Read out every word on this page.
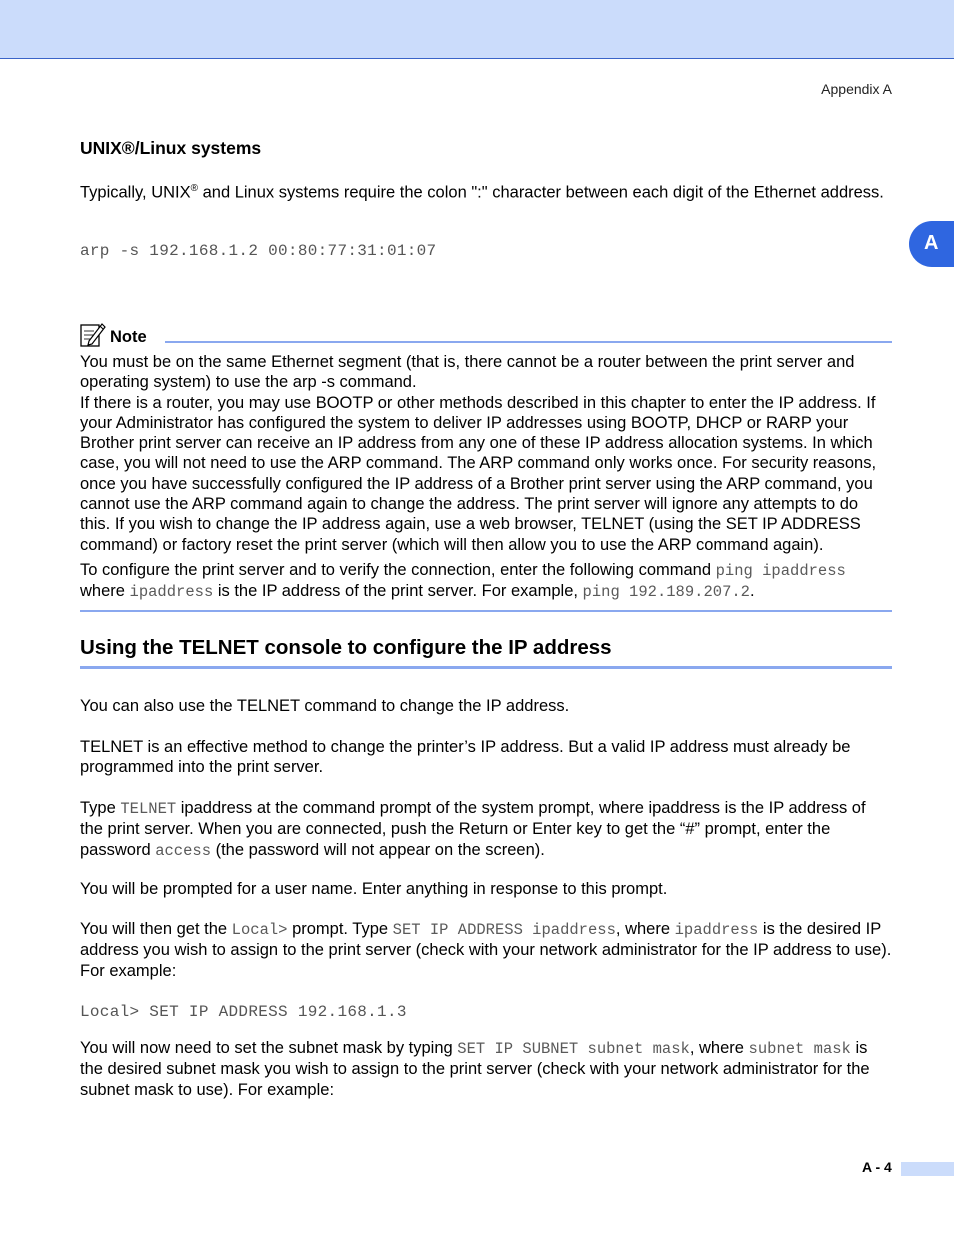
Appendix A
A
UNIX®/Linux systems

Typically, UNIX® and Linux systems require the colon ":" character between each digit of the Ethernet address.

arp -s 192.168.1.2 00:80:77:31:01:07
Note

You must be on the same Ethernet segment (that is, there cannot be a router between the print server and operating system) to use the arp -s command.

If there is a router, you may use BOOTP or other methods described in this chapter to enter the IP address. If your Administrator has configured the system to deliver IP addresses using BOOTP, DHCP or RARP your Brother print server can receive an IP address from any one of these IP address allocation systems. In which case, you will not need to use the ARP command. The ARP command only works once. For security reasons, once you have successfully configured the IP address of a Brother print server using the ARP command, you cannot use the ARP command again to change the address. The print server will ignore any attempts to do this. If you wish to change the IP address again, use a web browser, TELNET (using the SET IP ADDRESS command) or factory reset the print server (which will then allow you to use the ARP command again).

To configure the print server and to verify the connection, enter the following command ping ipaddress where ipaddress is the IP address of the print server. For example, ping 192.189.207.2.

Using the TELNET console to configure the IP address

You can also use the TELNET command to change the IP address.

TELNET is an effective method to change the printer’s IP address. But a valid IP address must already be programmed into the print server.

Type TELNET ipaddress at the command prompt of the system prompt, where ipaddress is the IP address of the print server. When you are connected, push the Return or Enter key to get the “#” prompt, enter the password access (the password will not appear on the screen).

You will be prompted for a user name. Enter anything in response to this prompt.

You will then get the Local> prompt. Type SET IP ADDRESS ipaddress, where ipaddress is the desired IP address you wish to assign to the print server (check with your network administrator for the IP address to use). For example:

Local> SET IP ADDRESS 192.168.1.3

You will now need to set the subnet mask by typing SET IP SUBNET subnet mask, where subnet mask is the desired subnet mask you wish to assign to the print server (check with your network administrator for the subnet mask to use). For example:

A - 4
